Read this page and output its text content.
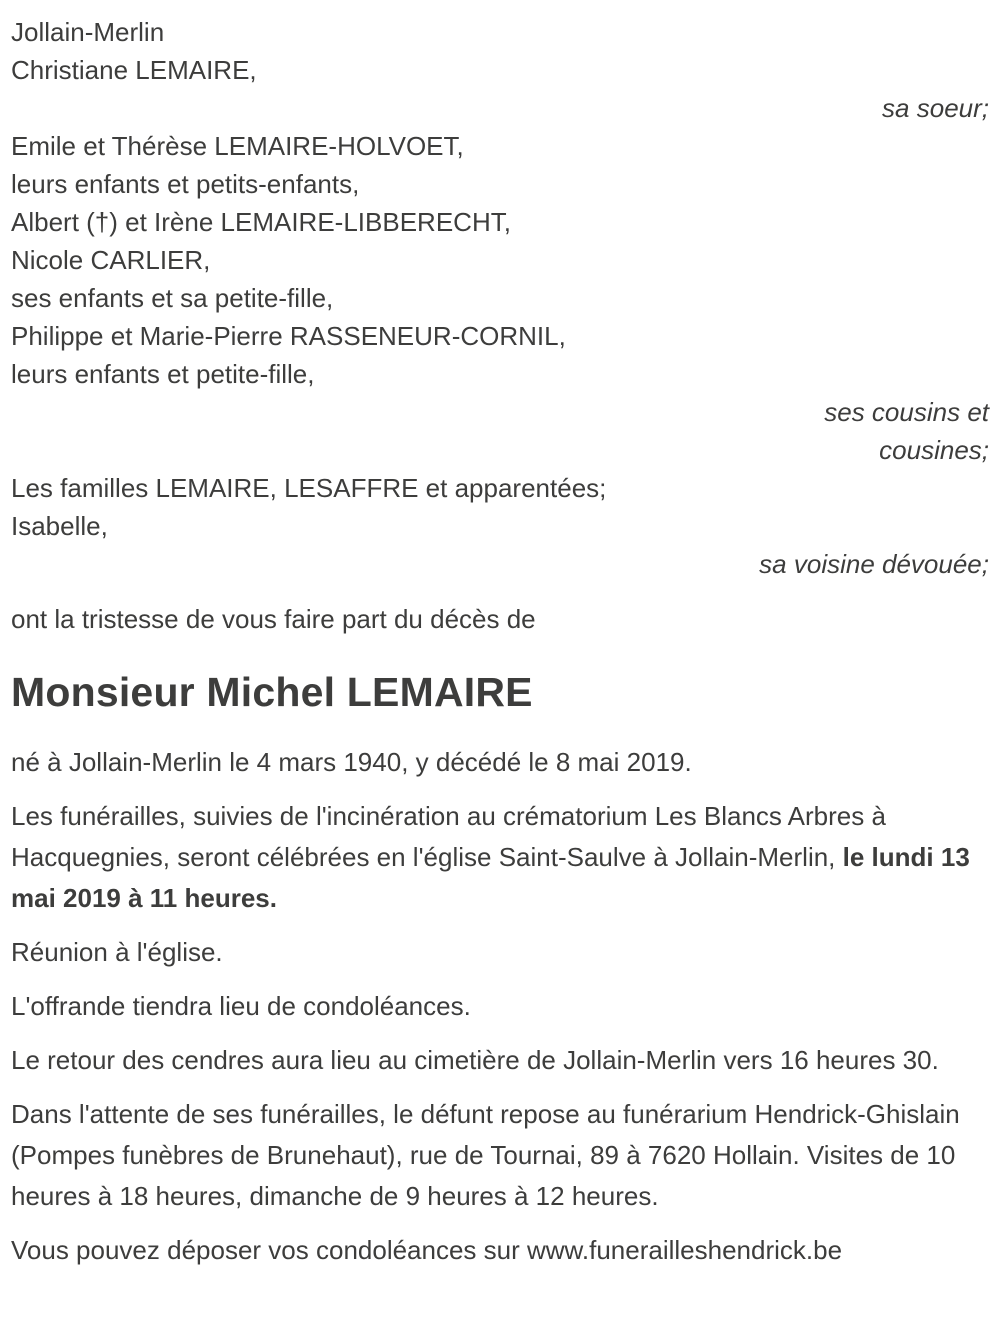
Jollain-Merlin
Christiane LEMAIRE,
sa soeur;
Emile et Thérèse LEMAIRE-HOLVOET,
leurs enfants et petits-enfants,
Albert (†) et Irène LEMAIRE-LIBBERECHT,
Nicole CARLIER,
ses enfants et sa petite-fille,
Philippe et Marie-Pierre RASSENEUR-CORNIL,
leurs enfants et petite-fille,
ses cousins et
cousines;
Les familles LEMAIRE, LESAFFRE et apparentées;
Isabelle,
sa voisine dévouée;
ont la tristesse de vous faire part du décès de
Monsieur Michel LEMAIRE

né à Jollain-Merlin le 4 mars 1940, y décédé le 8 mai 2019.

Les funérailles, suivies de l'incinération au crématorium Les Blancs Arbres à Hacquegnies, seront célébrées en l'église Saint-Saulve à Jollain-Merlin, le lundi 13 mai 2019 à 11 heures.

Réunion à l'église.

L'offrande tiendra lieu de condoléances.

Le retour des cendres aura lieu au cimetière de Jollain-Merlin vers 16 heures 30.

Dans l'attente de ses funérailles, le défunt repose au funérarium Hendrick-Ghislain (Pompes funèbres de Brunehaut), rue de Tournai, 89 à 7620 Hollain. Visites de 10 heures à 18 heures, dimanche de 9 heures à 12 heures.

Vous pouvez déposer vos condoléances sur www.funerailleshendrick.be
